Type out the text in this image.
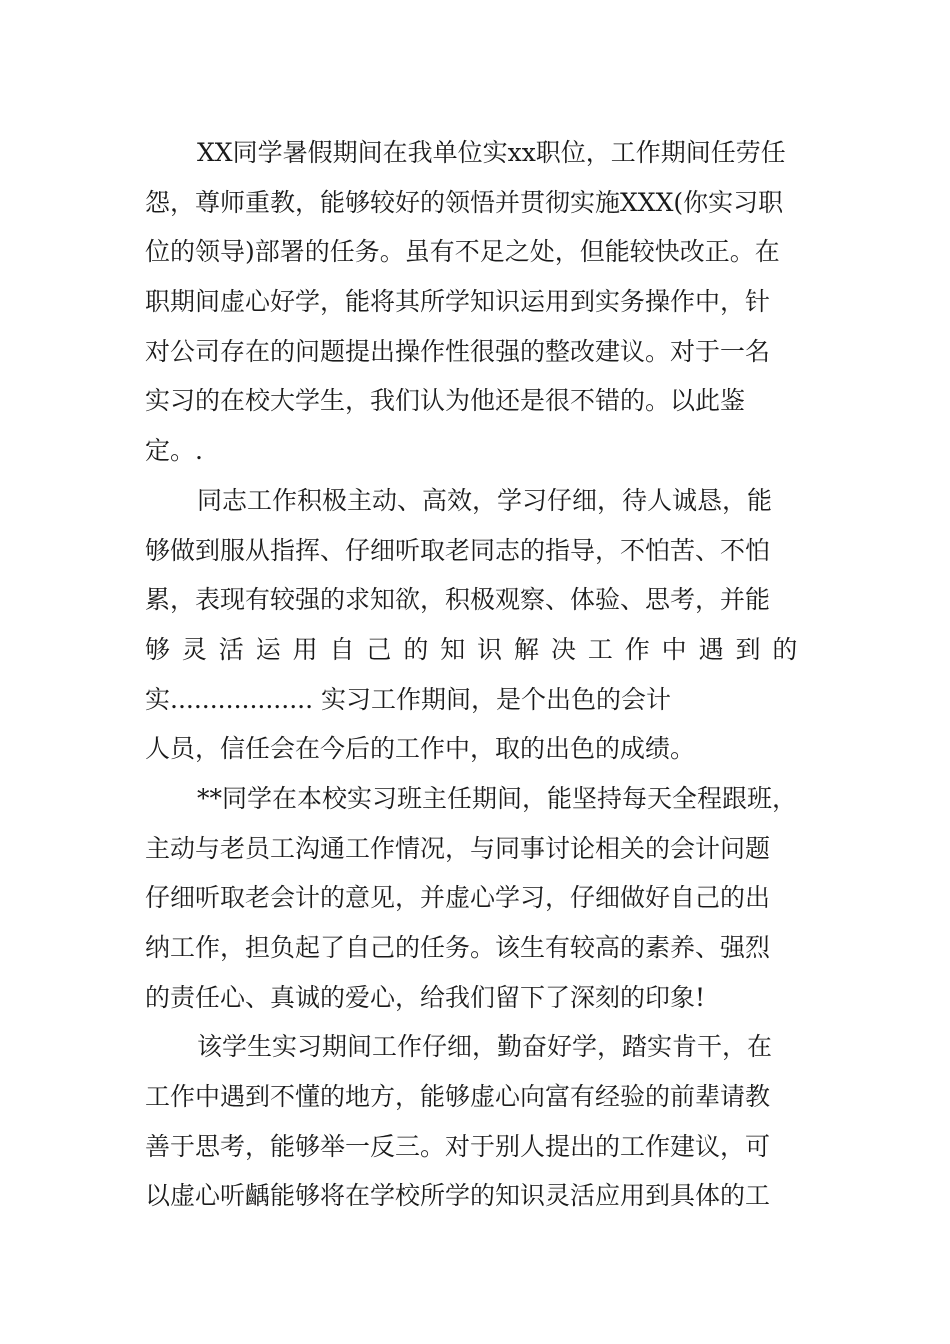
XX同学暑假期间在我单位实xx职位，工作期间任劳任
怨，尊师重教，能够较好的领悟并贯彻实施XXX(你实习职
位的领导)部署的任务。虽有不足之处，但能较快改正。在
职期间虚心好学，能将其所学知识运用到实务操作中，针
对公司存在的问题提出操作性很强的整改建议。对于一名
实习的在校大学生，我们认为他还是很不错的。以此鉴
定。.
同志工作积极主动、高效，学习仔细，待人诚恳，能
够做到服从指挥、仔细听取老同志的指导，不怕苦、不怕
累，表现有较强的求知欲，积极观察、体验、思考，并能
够灵活运用自己的知识解决工作中遇到的
实.................. 实习工作期间，是个出色的会计
人员，信任会在今后的工作中，取的出色的成绩。
**同学在本校实习班主任期间，能坚持每天全程跟班，
主动与老员工沟通工作情况，与同事讨论相关的会计问题
仔细听取老会计的意见，并虚心学习，仔细做好自己的出
纳工作，担负起了自己的任务。该生有较高的素养、强烈
的责任心、真诚的爱心，给我们留下了深刻的印象!
该学生实习期间工作仔细，勤奋好学，踏实肯干，在
工作中遇到不懂的地方，能够虚心向富有经验的前辈请教
善于思考，能够举一反三。对于别人提出的工作建议，可
以虚心听齲能够将在学校所学的知识灵活应用到具体的工
